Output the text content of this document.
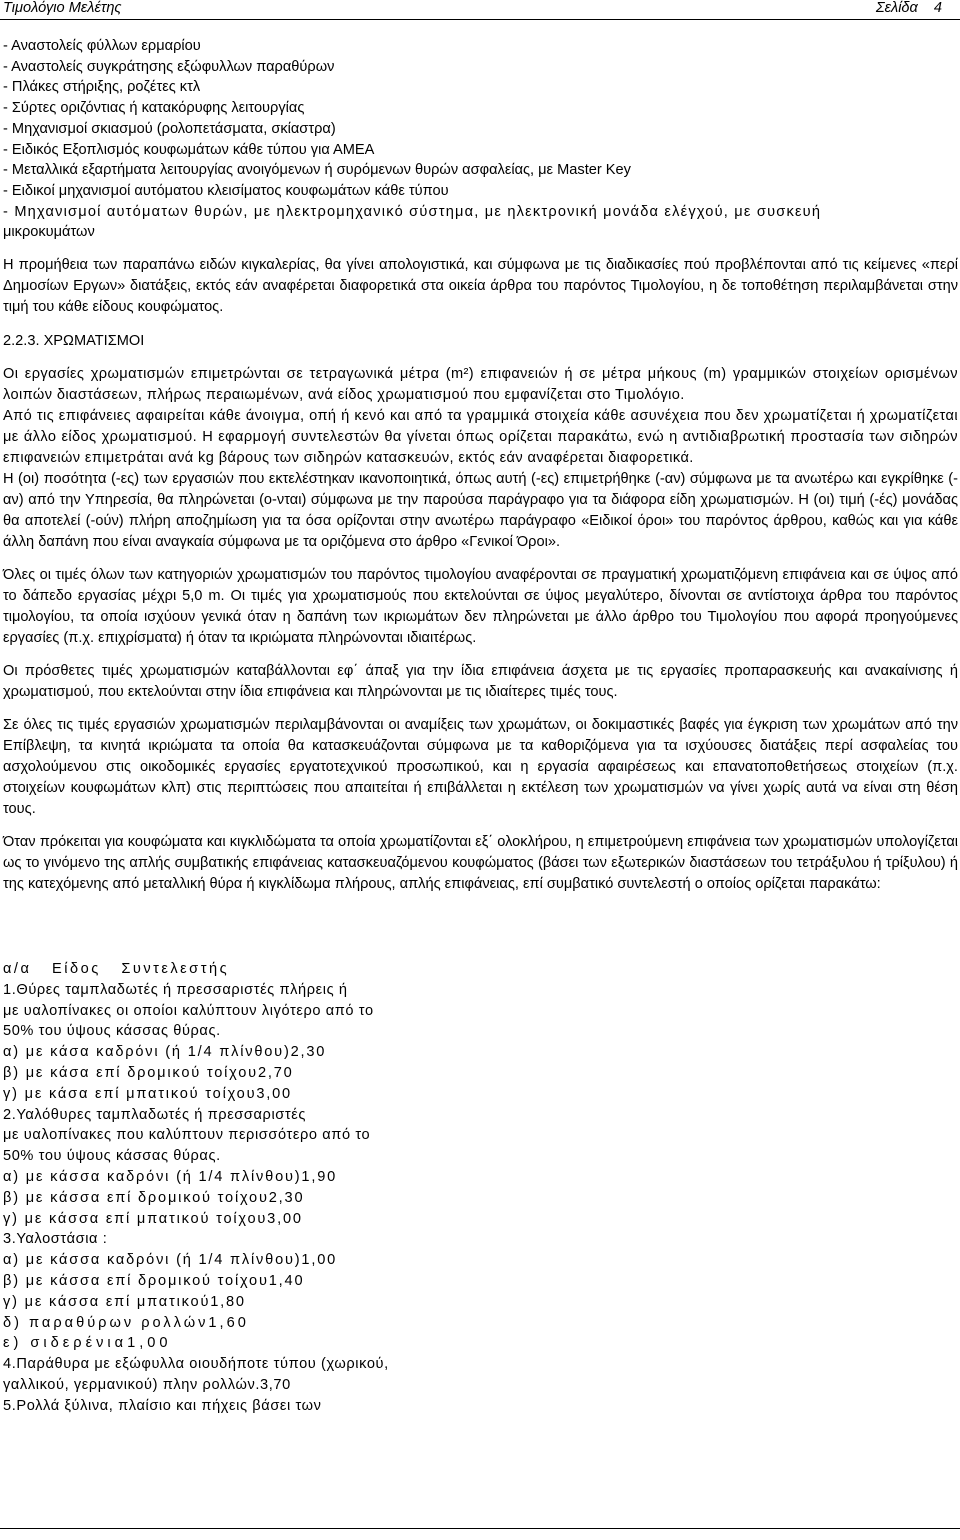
Τιμολόγιο Μελέτης	Σελίδα 4
- Αναστολείς φύλλων ερμαρίου
- Αναστολείς συγκράτησης εξώφυλλων παραθύρων
- Πλάκες στήριξης, ροζέτες κτλ
- Σύρτες οριζόντιας ή κατακόρυφης λειτουργίας
- Μηχανισμοί σκιασμού (ρολοπετάσματα, σκίαστρα)
- Ειδικός Εξοπλισμός κουφωμάτων κάθε τύπου για ΑΜΕΑ
- Μεταλλικά εξαρτήματα λειτουργίας ανοιγόμενων ή συρόμενων θυρών ασφαλείας, με Master Key
- Ειδικοί μηχανισμοί αυτόματου κλεισίματος κουφωμάτων κάθε τύπου
- Μηχανισμοί αυτόματων θυρών, με ηλεκτρομηχανικό σύστημα, με ηλεκτρονική μονάδα ελέγχού, με συσκευή
μικροκυμάτων
Η προμήθεια των παραπάνω ειδών κιγκαλερίας, θα γίνει απολογιστικά, και σύμφωνα με τις διαδικασίες πού προβλέπονται από τις κείμενες «περί Δημοσίων Εργων» διατάξεις, εκτός εάν αναφέρεται διαφορετικά στα οικεία άρθρα του παρόντος Τιμολογίου, η δε τοποθέτηση περιλαμβάνεται στην τιμή του κάθε είδους κουφώματος.
2.2.3. ΧΡΩΜΑΤΙΣΜΟΙ

Οι εργασίες χρωματισμών επιμετρώνται σε τετραγωνικά μέτρα (m²) επιφανειών ή σε μέτρα μήκους (m) γραμμικών στοιχείων ορισμένων λοιπών διαστάσεων, πλήρως περαιωμένων, ανά είδος χρωματισμού που εμφανίζεται στο Τιμολόγιο.

Από τις επιφάνειες αφαιρείται κάθε άνοιγμα, οπή ή κενό και από τα γραμμικά στοιχεία κάθε ασυνέχεια που δεν χρωματίζεται ή χρωματίζεται με άλλο είδος χρωματισμού. Η εφαρμογή συντελεστών θα γίνεται όπως ορίζεται παρακάτω, ενώ η αντιδιαβρωτική προστασία των σιδηρών επιφανειών επιμετράται ανά kg βάρους των σιδηρών κατασκευών, εκτός εάν αναφέρεται διαφορετικά.

Η (οι) ποσότητα (-ες) των εργασιών που εκτελέστηκαν ικανοποιητικά, όπως αυτή (-ες) επιμετρήθηκε (-αν) σύμφωνα με τα ανωτέρω και εγκρίθηκε (-αν) από την Υπηρεσία, θα πληρώνεται (ο-νται) σύμφωνα με την παρούσα παράγραφο για τα διάφορα είδη χρωματισμών. Η (οι) τιμή (-ές) μονάδας θα αποτελεί (-ούν) πλήρη αποζημίωση για τα όσα ορίζονται στην ανωτέρω παράγραφο «Ειδικοί όροι» του παρόντος άρθρου, καθώς και για κάθε άλλη δαπάνη που είναι αναγκαία σύμφωνα με τα οριζόμενα στο άρθρο «Γενικοί Όροι».

Όλες οι τιμές όλων των κατηγοριών χρωματισμών του παρόντος τιμολογίου αναφέρονται σε πραγματική χρωματιζόμενη επιφάνεια και σε ύψος από το δάπεδο εργασίας μέχρι 5,0 m. Οι τιμές για χρωματισμούς που εκτελούνται σε ύψος μεγαλύτερο, δίνονται σε αντίστοιχα άρθρα του παρόντος τιμολογίου, τα οποία ισχύουν γενικά όταν η δαπάνη των ικριωμάτων δεν πληρώνεται με άλλο άρθρο του Τιμολογίου που αφορά προηγούμενες εργασίες (π.χ. επιχρίσματα) ή όταν τα ικριώματα πληρώνονται ιδιαιτέρως.

Οι πρόσθετες τιμές χρωματισμών καταβάλλονται εφ΄ άπαξ για την ίδια επιφάνεια άσχετα με τις εργασίες προπαρασκευής και ανακαίνισης ή χρωματισμού, που εκτελούνται στην ίδια επιφάνεια και πληρώνονται με τις ιδιαίτερες τιμές τους.

Σε όλες τις τιμές εργασιών χρωματισμών περιλαμβάνονται οι αναμίξεις των χρωμάτων, οι δοκιμαστικές βαφές για έγκριση των χρωμάτων από την Επίβλεψη, τα κινητά ικριώματα τα οποία θα κατασκευάζονται σύμφωνα με τα καθοριζόμενα για τα ισχύουσες διατάξεις περί ασφαλείας του ασχολούμενου στις οικοδομικές εργασίες εργατοτεχνικού προσωπικού, και η εργασία αφαιρέσεως και επανατοποθετήσεως στοιχείων (π.χ. στοιχείων κουφωμάτων κλπ) στις περιπτώσεις που απαιτείται ή επιβάλλεται η εκτέλεση των χρωματισμών να γίνει χωρίς αυτά να είναι στη θέση τους.

Όταν πρόκειται για κουφώματα και κιγκλιδώματα τα οποία χρωματίζονται εξ΄ ολοκλήρου, η επιμετρούμενη επιφάνεια των χρωματισμών υπολογίζεται ως το γινόμενο της απλής συμβατικής επιφάνειας κατασκευαζόμενου κουφώματος (βάσει των εξωτερικών διαστάσεων του τετράξυλου ή τρίξυλου) ή της κατεχόμενης από μεταλλική θύρα ή κιγκλίδωμα πλήρους, απλής επιφάνειας, επί συμβατικό συντελεστή ο οποίος ορίζεται παρακάτω:

α/α Είδος Συντελεστής
1.Θύρες ταμπλαδωτές ή πρεσσαριστές πλήρεις ή
με υαλοπίνακες οι οποίοι καλύπτουν λιγότερο από το
50% του ύψους κάσσας θύρας.
α) με κάσα καδρόνι (ή 1/4 πλίνθου)2,30
β) με κάσα επί δρομικού τοίχου2,70
γ) με κάσα επί μπατικού τοίχου3,00
2.Υαλόθυρες ταμπλαδωτές ή πρεσσαριστές
με υαλοπίνακες που καλύπτουν περισσότερο από το
50% του ύψους κάσσας θύρας.
α) με κάσσα καδρόνι (ή 1/4 πλίνθου)1,90
β) με κάσσα επί δρομικού τοίχου2,30
γ) με κάσσα επί μπατικού τοίχου3,00
3.Υαλοστάσια :
α) με κάσσα καδρόνι (ή 1/4 πλίνθου)1,00
β) με κάσσα επί δρομικού τοίχου1,40
γ) με κάσσα επί μπατικού1,80
δ) παραθύρων ρολλών1,60
ε) σιδερένια1,00
4.Παράθυρα με εξώφυλλα οιουδήποτε τύπου (χωρικού,
γαλλικού, γερμανικού) πλην ρολλών.3,70
5.Ρολλά ξύλινα, πλαίσιο και πήχεις βάσει των
